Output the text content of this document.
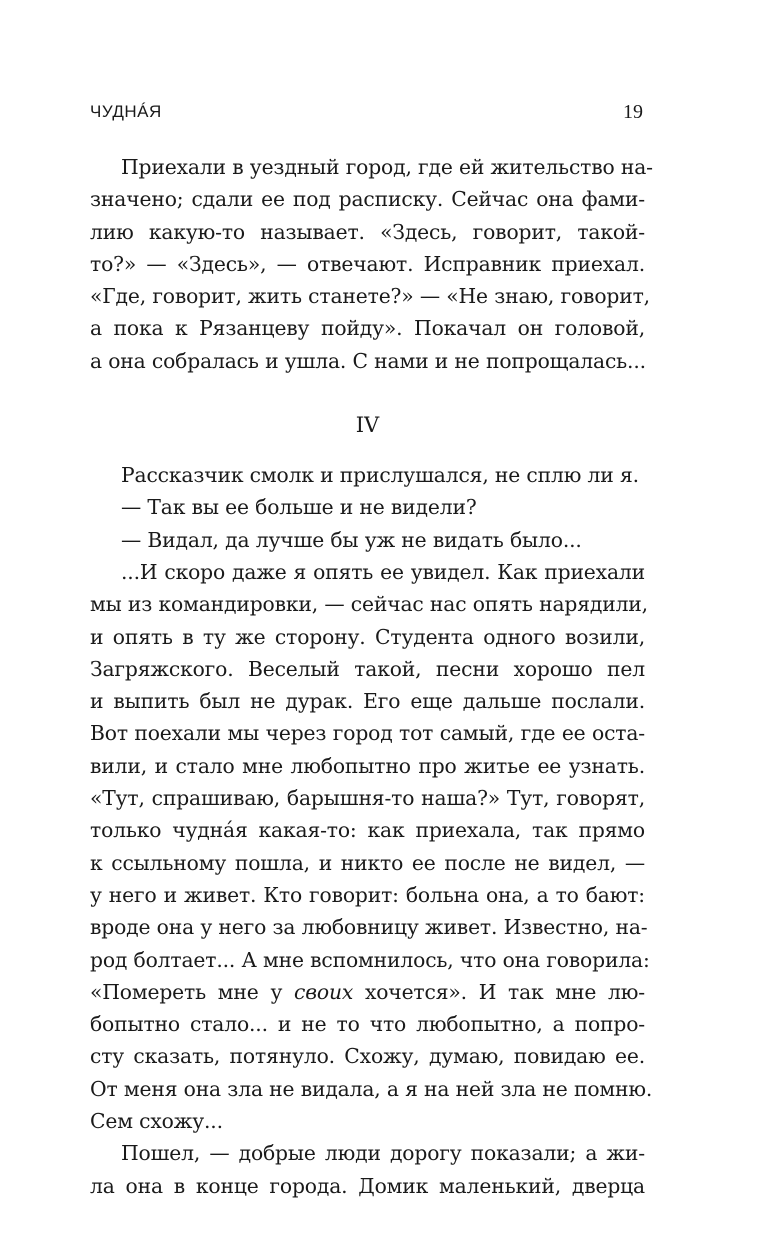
ЧУДНÁЯ	19
Приехали в уездный город, где ей жительство на-
значено; сдали ее под расписку. Сейчас она фами-
лию какую-то называет. «Здесь, говорит, такой-
то?» — «Здесь», — отвечают. Исправник приехал.
«Где, говорит, жить станете?» — «Не знаю, говорит,
а пока к Рязанцеву пойду». Покачал он головой,
а она собралась и ушла. С нами и не попрощалась...
IV
Рассказчик смолк и прислушался, не сплю ли я.
— Так вы ее больше и не видели?
— Видал, да лучше бы уж не видать было...
...И скоро даже я опять ее увидел. Как приехали
мы из командировки, — сейчас нас опять нарядили,
и опять в ту же сторону. Студента одного возили,
Загряжского. Веселый такой, песни хорошо пел
и выпить был не дурак. Его еще дальше послали.
Вот поехали мы через город тот самый, где ее оста-
вили, и стало мне любопытно про житье ее узнать.
«Тут, спрашиваю, барышня-то наша?» Тут, говорят,
только чуднáя какая-то: как приехала, так прямо
к ссыльному пошла, и никто ее после не видел, —
у него и живет. Кто говорит: больна она, а то бают:
вроде она у него за любовницу живет. Известно, на-
род болтает... А мне вспомнилось, что она говорила:
«Помереть мне у своих хочется». И так мне лю-
бопытно стало... и не то что любопытно, а попро-
сту сказать, потянуло. Схожу, думаю, повидаю ее.
От меня она зла не видала, а я на ней зла не помню.
Сем схожу...
Пошел, — добрые люди дорогу показали; а жи-
ла она в конце города. Домик маленький, дверца
